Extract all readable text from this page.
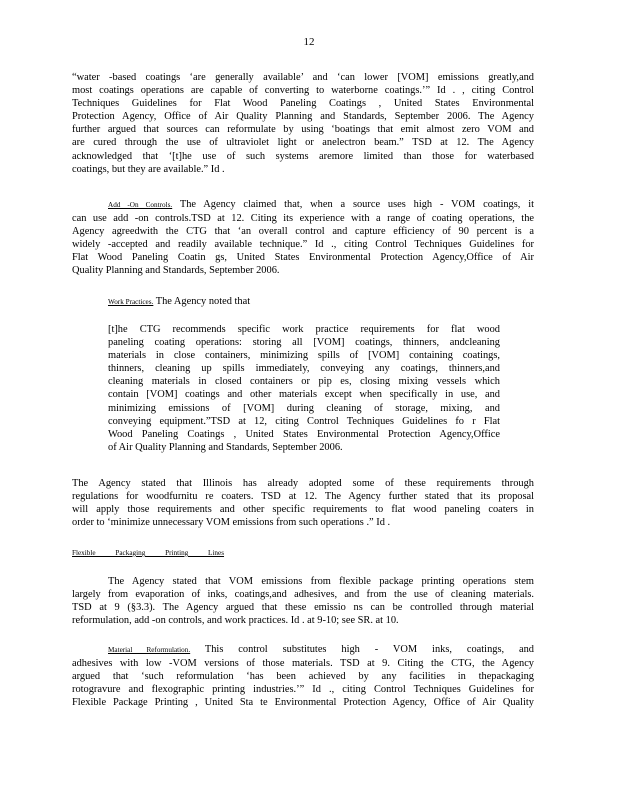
12
“water -based coatings ‘are generally available’ and ‘can lower [VOM] emissions greatly,and
most coatings operations are capable of converting to waterborne coatings.’” Id . , citing Control
Techniques Guidelines for Flat Wood Paneling Coatings , United States Environmental
Protection Agency, Office of Air Quality Planning and Standards, September 2006. The Agency
further argued that sources can reformulate by using ‘boatings that emit almost zero VOM and
are cured through the use of ultraviolet light or anelectron beam.” TSD at 12. The Agency
acknowledged that ‘[t]he use of such systems aremore limited than those for waterbased
coatings, but they are available.” Id .
Add -On Controls. The Agency claimed that, when a source uses high - VOM coatings, it
can use add -on controls.TSD at 12. Citing its experience with a range of coating operations, the
Agency agreedwith the CTG that ‘an overall control and capture efficiency of 90 percent is a
widely -accepted and readily available technique.” Id ., citing Control Techniques Guidelines for
Flat Wood Paneling Coatin gs, United States Environmental Protection Agency,Office of Air
Quality Planning and Standards, September 2006.
Work Practices. The Agency noted that
[t]he CTG recommends specific work practice requirements for flat wood
paneling coating operations: storing all [VOM] coatings, thinners, andcleaning
materials in close containers, minimizing spills of [VOM] containing coatings,
thinners, cleaning up spills immediately, conveying any coatings, thinners,and
cleaning materials in closed containers or pip es, closing mixing vessels which
contain [VOM] coatings and other materials except when specifically in use, and
minimizing emissions of [VOM] during cleaning of storage, mixing, and
conveying equipment.”TSD at 12, citing Control Techniques Guidelines fo r Flat
Wood Paneling Coatings , United States Environmental Protection Agency,Office
of Air Quality Planning and Standards, September 2006.
The Agency stated that Illinois has already adopted some of these requirements through
regulations for woodfurnitu re coaters. TSD at 12. The Agency further stated that its proposal
will apply those requirements and other specific requirements to flat wood paneling coaters in
order to ‘minimize unnecessary VOM emissions from such operations .” Id .
Flexible Packaging Printing Lines
The Agency stated that VOM emissions from flexible package printing operations stem
largely from evaporation of inks, coatings,and adhesives, and from the use of cleaning materials.
TSD at 9 (§3.3). The Agency argued that these emissio ns can be controlled through material
reformulation, add -on controls, and work practices. Id . at 9-10; see SR. at 10.
Material Reformulation. This control substitutes high - VOM inks, coatings, and
adhesives with low -VOM versions of those materials. TSD at 9. Citing the CTG, the Agency
argued that ‘such reformulation ‘has been achieved by any facilities in thepackaging
rotogravure and flexographic printing industries.’” Id ., citing Control Techniques Guidelines for
Flexible Package Printing , United Sta te Environmental Protection Agency, Office of Air Quality
